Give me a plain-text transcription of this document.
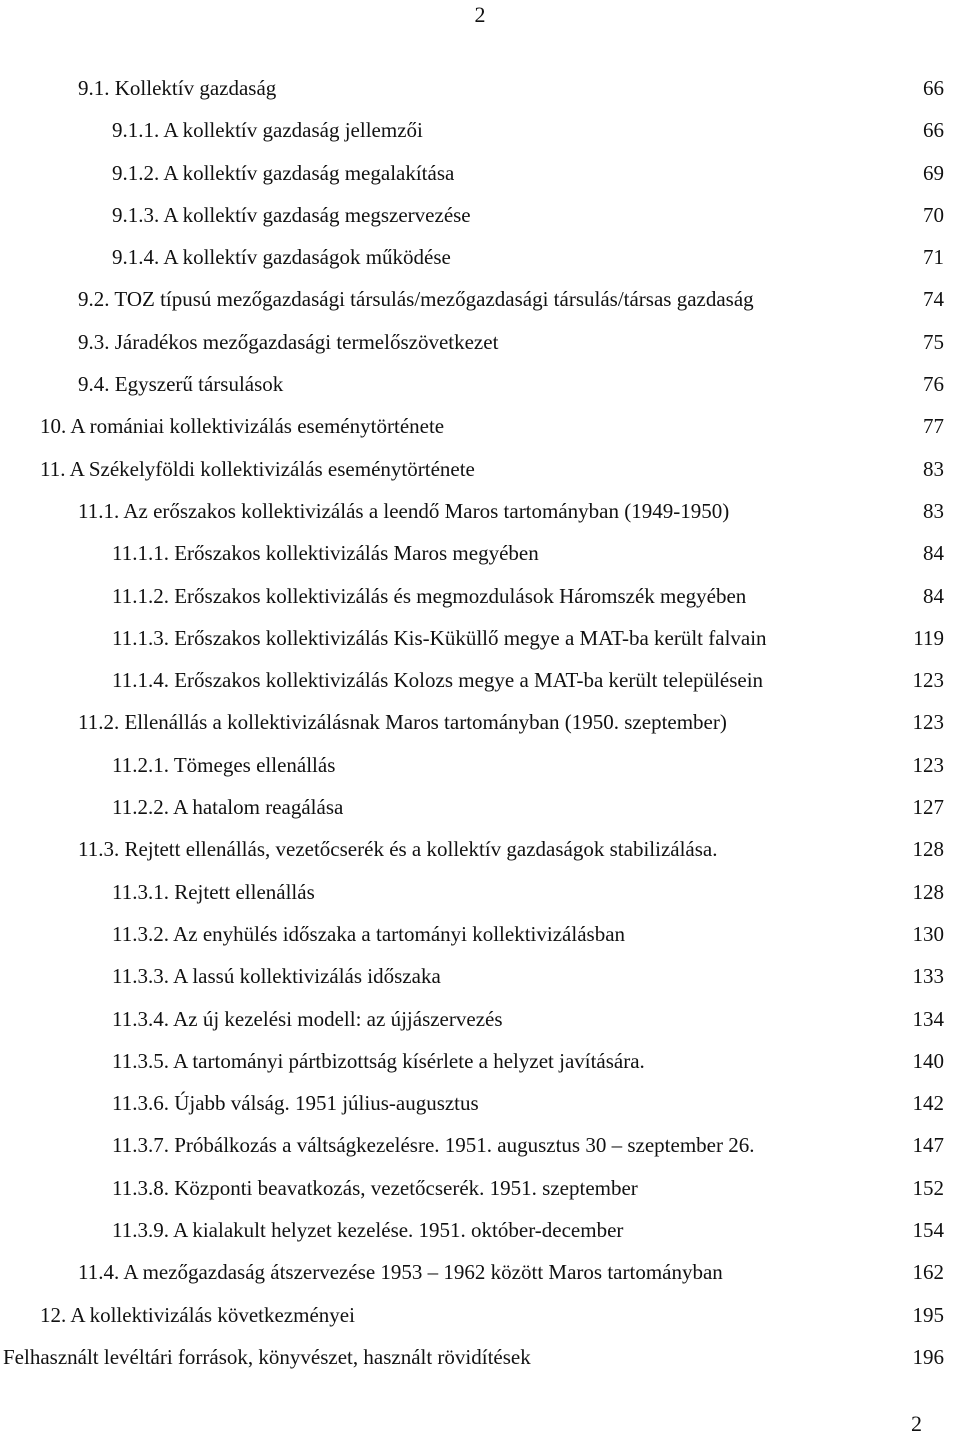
2
9.1. Kollektív gazdaság	66
9.1.1. A kollektív gazdaság jellemzői	66
9.1.2. A kollektív gazdaság megalakítása	69
9.1.3. A kollektív gazdaság megszervezése	70
9.1.4. A kollektív gazdaságok működése	71
9.2. TOZ típusú mezőgazdasági társulás/mezőgazdasági társulás/társas gazdaság	74
9.3. Járadékos mezőgazdasági termelőszövetkezet	75
9.4. Egyszerű társulások	76
10. A romániai kollektivizálás eseménytörténete	77
11. A Székelyföldi kollektivizálás eseménytörténete	83
11.1. Az erőszakos kollektivizálás a leendő Maros tartományban (1949-1950)	83
11.1.1. Erőszakos kollektivizálás Maros megyében	84
11.1.2. Erőszakos kollektivizálás és megmozdulások Háromszék megyében	84
11.1.3. Erőszakos kollektivizálás Kis-Küküllő megye a MAT-ba került falvain	119
11.1.4. Erőszakos kollektivizálás Kolozs megye a MAT-ba került településein	123
11.2. Ellenállás a kollektivizálásnak Maros tartományban (1950. szeptember)	123
11.2.1. Tömeges ellenállás	123
11.2.2. A hatalom reagálása	127
11.3. Rejtett ellenállás, vezetőcserék és a kollektív gazdaságok stabilizálása.	128
11.3.1. Rejtett ellenállás	128
11.3.2. Az enyhülés időszaka a tartományi kollektivizálásban	130
11.3.3. A lassú kollektivizálás időszaka	133
11.3.4. Az új kezelési modell: az újjászervezés	134
11.3.5. A tartományi pártbizottság kísérlete a helyzet javítására.	140
11.3.6. Újabb válság. 1951 július-augusztus	142
11.3.7. Próbálkozás a váltságkezelésre. 1951. augusztus 30 – szeptember 26.	147
11.3.8. Központi beavatkozás, vezetőcserék. 1951. szeptember	152
11.3.9. A kialakult helyzet kezelése. 1951. október-december	154
11.4. A mezőgazdaság átszervezése 1953 – 1962 között Maros tartományban	162
12. A kollektivizálás következményei	195
Felhasznált levéltári források, könyvészet, használt rövidítések	196
2
